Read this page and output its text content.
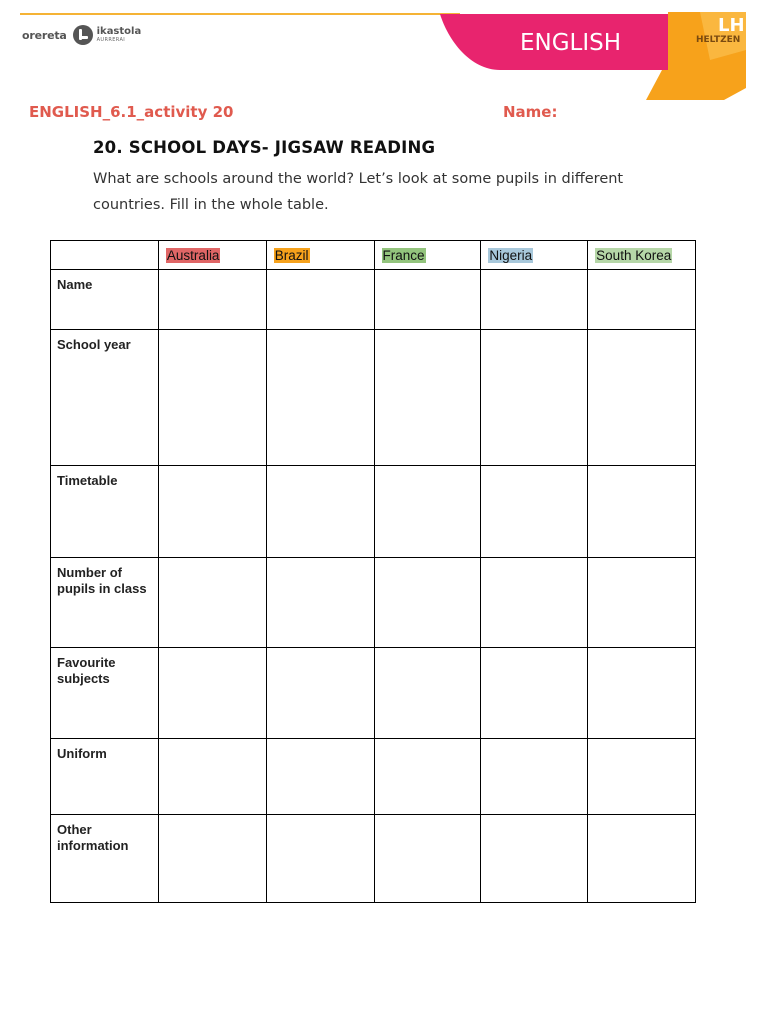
orereta	ikastola
AURRERAI	ENGLISH
LH
HELTZEN
ENGLISH_6.1_activity 20	Name:
20. SCHOOL DAYS- JIGSAW READING
What are schools around the world? Let’s look at some pupils in different countries. Fill in the whole table.
	Australia	Brazil	France	Nigeria	South Korea
Name					
School year					
Timetable					
Number of pupils in class					
Favourite subjects					
Uniform					
Other information					
